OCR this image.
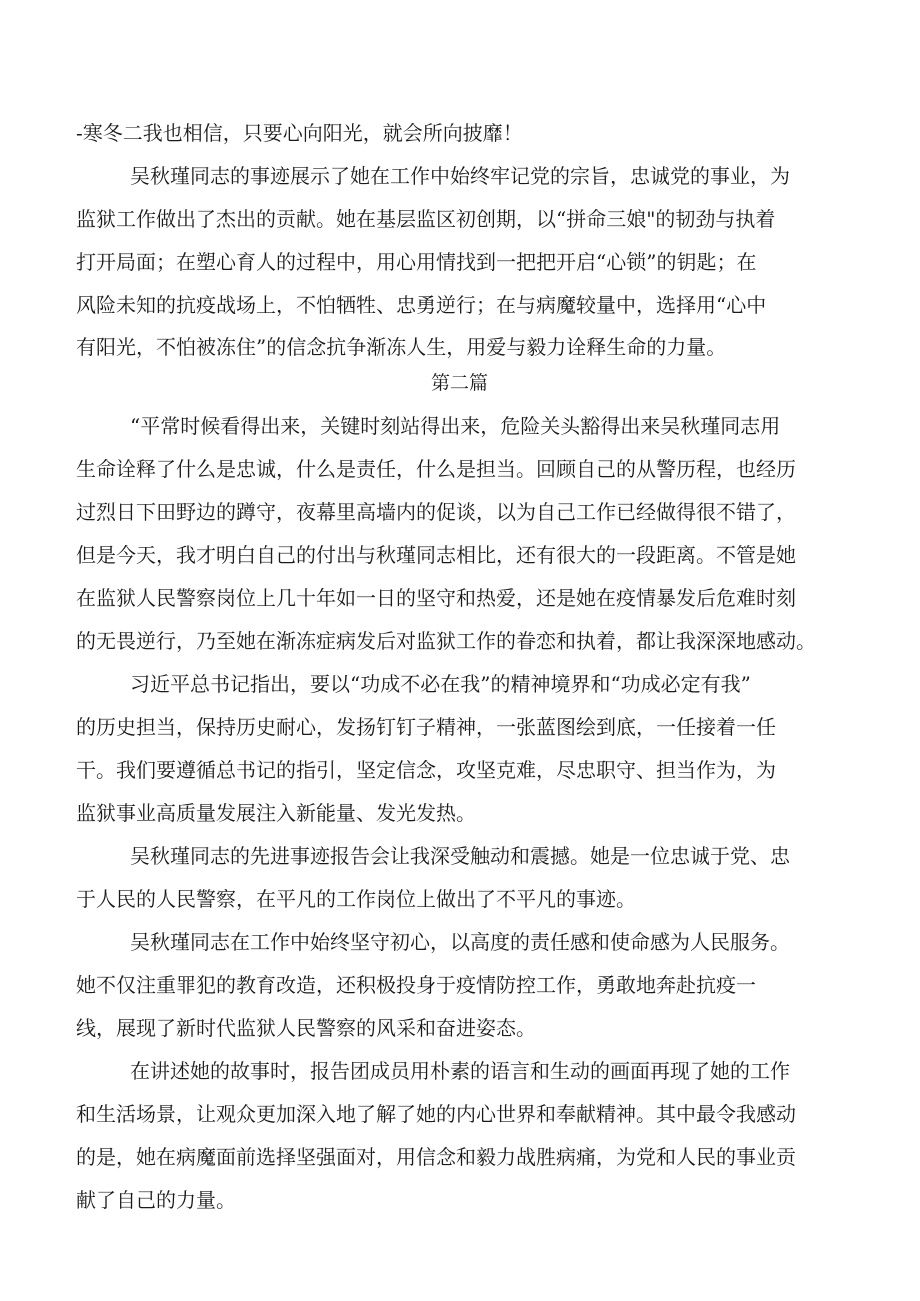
-寒冬二我也相信，只要心向阳光，就会所向披靡！

吴秋瑾同志的事迹展示了她在工作中始终牢记党的宗旨，忠诚党的事业，为

监狱工作做出了杰出的贡献。她在基层监区初创期，以“拼命三娘"的韧劲与执着

打开局面；在塑心育人的过程中，用心用情找到一把把开启“心锁”的钥匙；在

风险未知的抗疫战场上，不怕牺牲、忠勇逆行；在与病魔较量中，选择用“心中

有阳光，不怕被冻住”的信念抗争渐冻人生，用爱与毅力诠释生命的力量。

第二篇

“平常时候看得出来，关键时刻站得出来，危险关头豁得出来吴秋瑾同志用

生命诠释了什么是忠诚，什么是责任，什么是担当。回顾自己的从警历程，也经历

过烈日下田野边的蹲守，夜幕里高墙内的促谈，以为自己工作已经做得很不错了，

但是今天，我才明白自己的付出与秋瑾同志相比，还有很大的一段距离。不管是她

在监狱人民警察岗位上几十年如一日的坚守和热爱，还是她在疫情暴发后危难时刻

的无畏逆行，乃至她在渐冻症病发后对监狱工作的眷恋和执着，都让我深深地感动。

习近平总书记指出，要以“功成不必在我”的精神境界和“功成必定有我”

的历史担当，保持历史耐心，发扬钉钉子精神，一张蓝图绘到底，一任接着一任

干。我们要遵循总书记的指引，坚定信念，攻坚克难，尽忠职守、担当作为，为

监狱事业高质量发展注入新能量、发光发热。

吴秋瑾同志的先进事迹报告会让我深受触动和震撼。她是一位忠诚于党、忠

于人民的人民警察，在平凡的工作岗位上做出了不平凡的事迹。

吴秋瑾同志在工作中始终坚守初心，以高度的责任感和使命感为人民服务。

她不仅注重罪犯的教育改造，还积极投身于疫情防控工作，勇敢地奔赴抗疫一

线，展现了新时代监狱人民警察的风采和奋进姿态。

在讲述她的故事时，报告团成员用朴素的语言和生动的画面再现了她的工作

和生活场景，让观众更加深入地了解了她的内心世界和奉献精神。其中最令我感动

的是，她在病魔面前选择坚强面对，用信念和毅力战胜病痛，为党和人民的事业贡

献了自己的力量。
